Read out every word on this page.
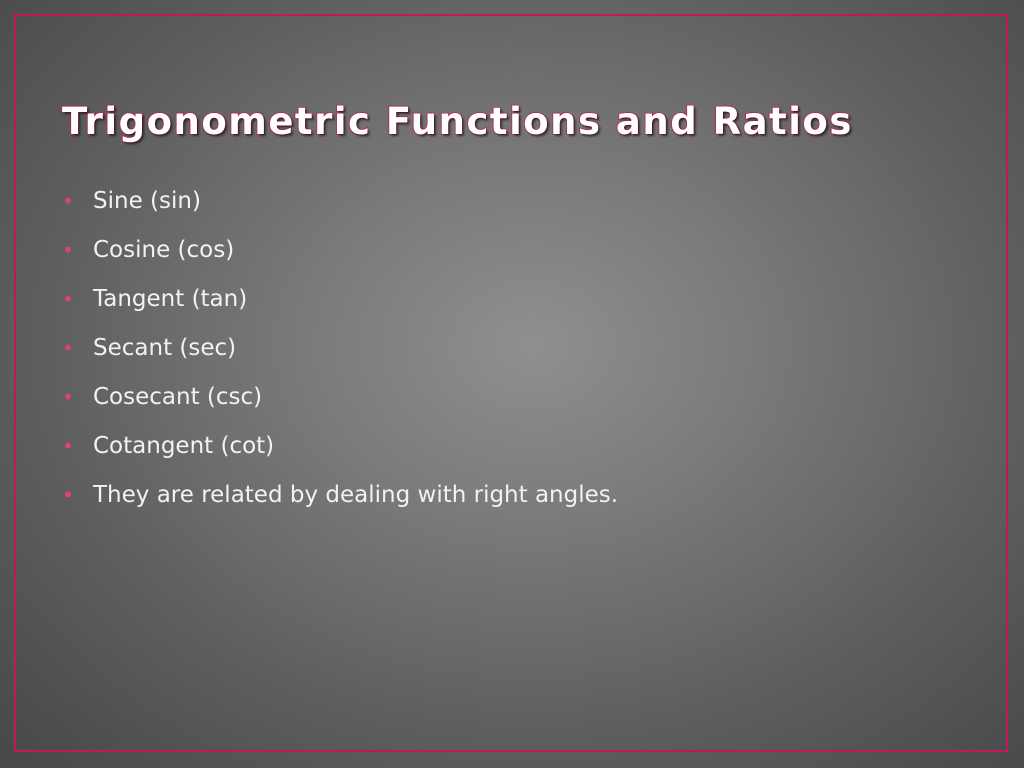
Trigonometric Functions and Ratios
• Sine (sin)
• Cosine (cos)
• Tangent (tan)
• Secant (sec)
• Cosecant (csc)
• Cotangent (cot)
• They are related by dealing with right angles.
